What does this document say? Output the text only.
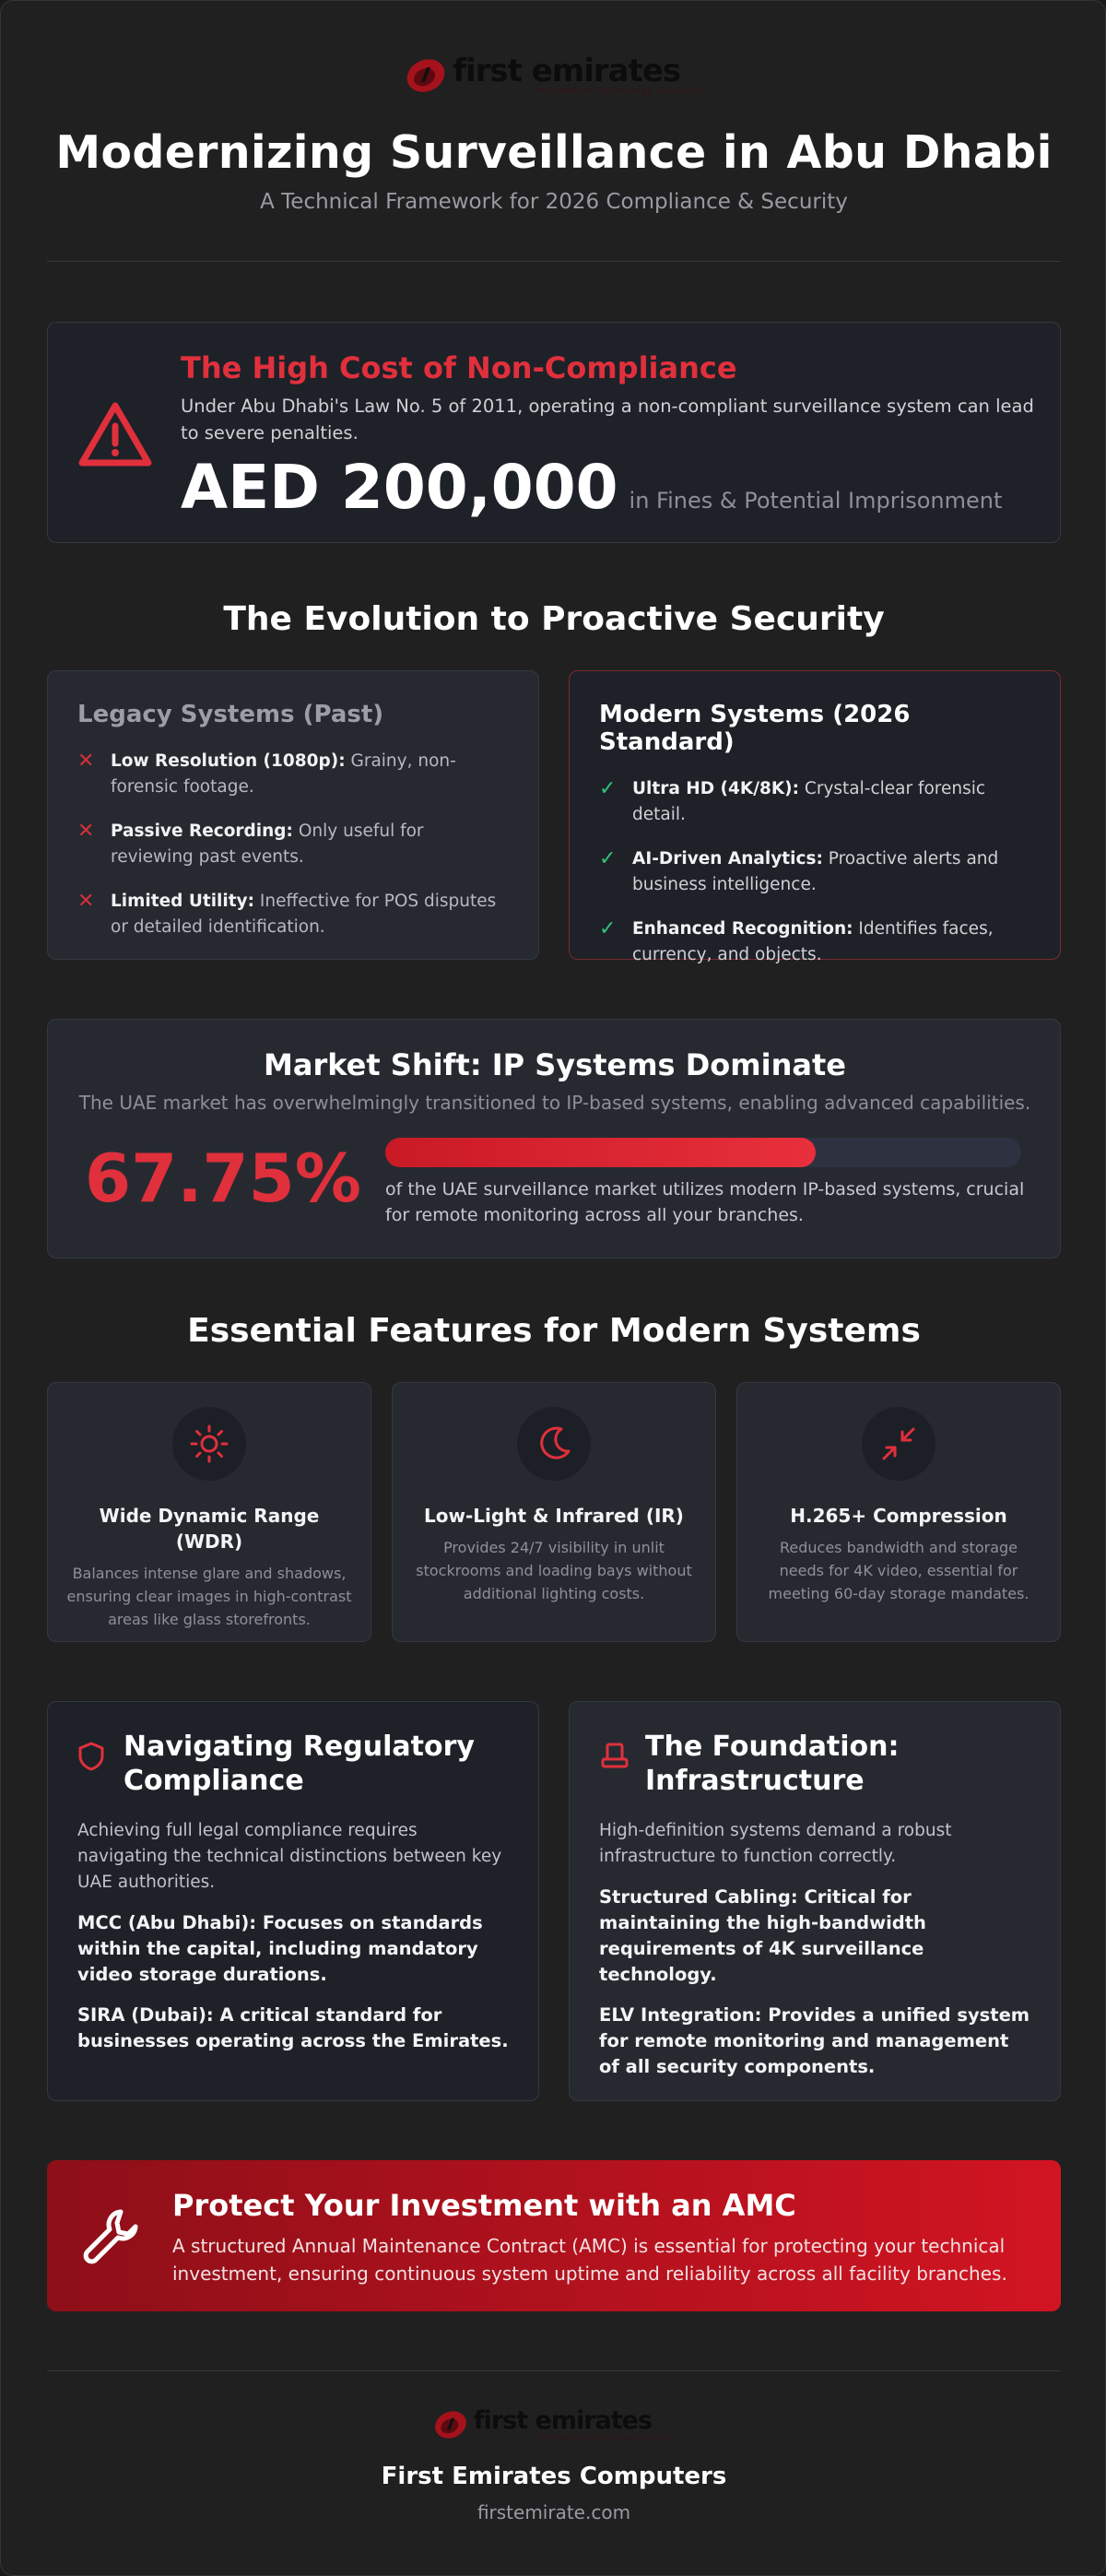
first emirates
Information Technology Solutions
Modernizing Surveillance in Abu Dhabi
A Technical Framework for 2026 Compliance & Security
The High Cost of Non-Compliance
Under Abu Dhabi's Law No. 5 of 2011, operating a non-compliant surveillance system can lead to severe penalties.
AED 200,000 in Fines & Potential Imprisonment
The Evolution to Proactive Security
Legacy Systems (Past)
✕ Low Resolution (1080p): Grainy, non-forensic footage.
✕ Passive Recording: Only useful for reviewing past events.
✕ Limited Utility: Ineffective for POS disputes or detailed identification.
Modern Systems (2026 Standard)
✓ Ultra HD (4K/8K): Crystal-clear forensic detail.
✓ AI-Driven Analytics: Proactive alerts and business intelligence.
✓ Enhanced Recognition: Identifies faces, currency, and objects.
Market Shift: IP Systems Dominate
The UAE market has overwhelmingly transitioned to IP-based systems, enabling advanced capabilities.
67.75% of the UAE surveillance market utilizes modern IP-based systems, crucial for remote monitoring across all your branches.
Essential Features for Modern Systems
Wide Dynamic Range (WDR)
Balances intense glare and shadows, ensuring clear images in high-contrast areas like glass storefronts.
Low-Light & Infrared (IR)
Provides 24/7 visibility in unlit stockrooms and loading bays without additional lighting costs.
H.265+ Compression
Reduces bandwidth and storage needs for 4K video, essential for meeting 60-day storage mandates.
Navigating Regulatory Compliance

Achieving full legal compliance requires navigating the technical distinctions between key UAE authorities.

MCC (Abu Dhabi): Focuses on standards within the capital, including mandatory video storage durations.
SIRA (Dubai): A critical standard for businesses operating across the Emirates.
The Foundation: Infrastructure

High-definition systems demand a robust infrastructure to function correctly.

Structured Cabling: Critical for maintaining the high-bandwidth requirements of 4K surveillance technology.
ELV Integration: Provides a unified system for remote monitoring and management of all security components.
Protect Your Investment with an AMC

A structured Annual Maintenance Contract (AMC) is essential for protecting your technical investment, ensuring continuous system uptime and reliability across all facility branches.

first emirates
Information Technology Solutions
First Emirates Computers
firstemirate.com
